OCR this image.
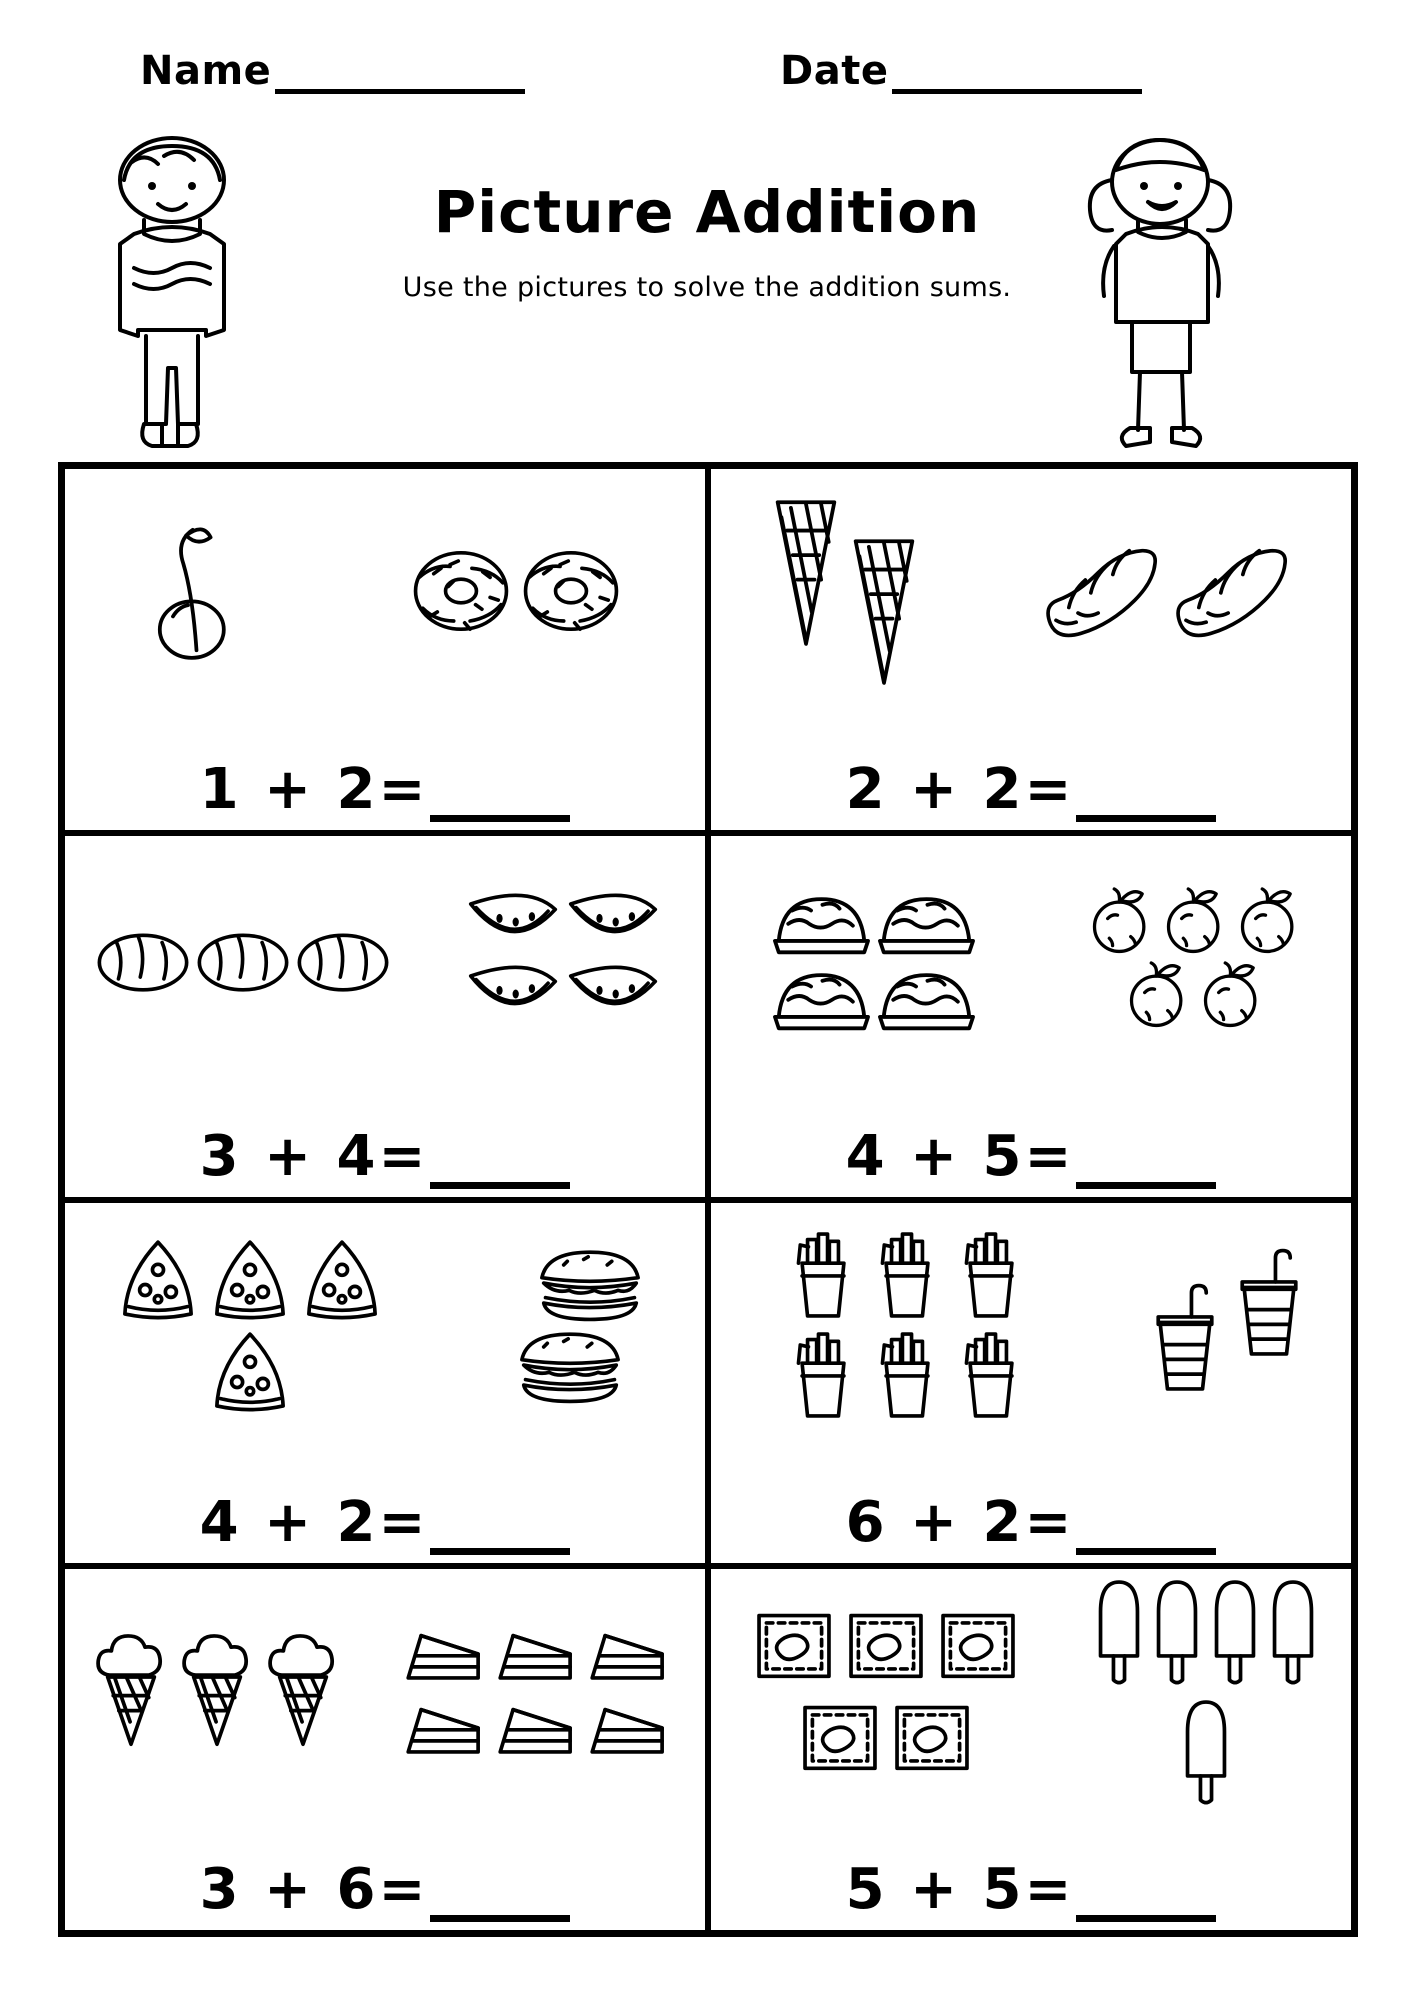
Name	Date
Picture Addition
Use the pictures to solve the addition sums.
1 + 2=	2 + 2=
3 + 4=	4 + 5=
4 + 2=	6 + 2=
3 + 6=	5 + 5=
